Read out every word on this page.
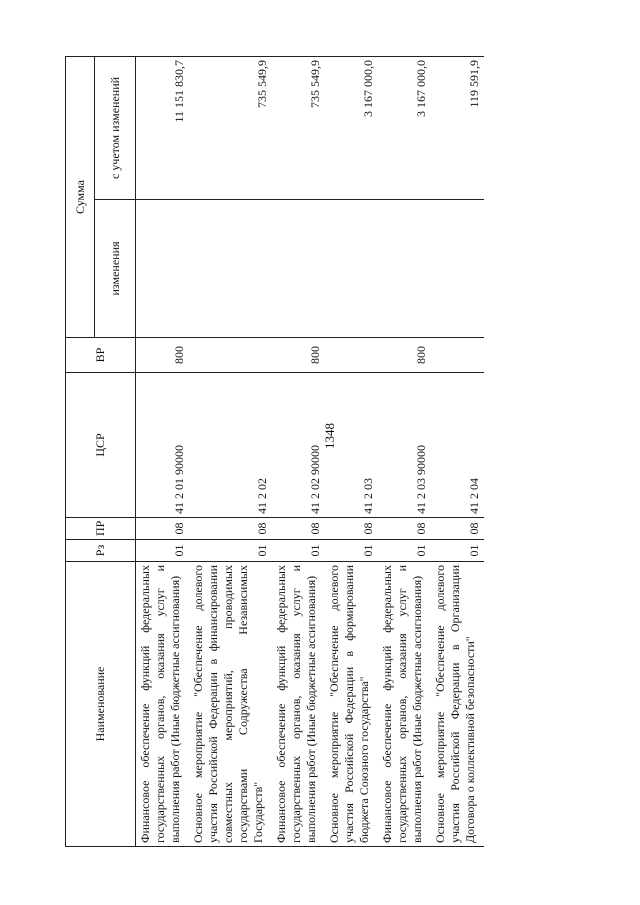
1348
Наименование	Рз	ПР	ЦСР	ВР	Сумма	
					изменения	с учетом изменений
Финансовое обеспечение функций федеральных государственных органов, оказания услуг и выполнения работ (Иные бюджетные ассигнования)	01	08	41 2 01 90000	800		11 151 830,7
Основное мероприятие "Обеспечение долевого участия Российской Федерации в финансировании совместных мероприятий, проводимых государствами Содружества Независимых Государств"	01	08	41 2 02			735 549,9
Финансовое обеспечение функций федеральных государственных органов, оказания услуг и выполнения работ (Иные бюджетные ассигнования)	01	08	41 2 02 90000	800		735 549,9
Основное мероприятие "Обеспечение долевого участия Российской Федерации в формировании бюджета Союзного государства"	01	08	41 2 03			3 167 000,0
Финансовое обеспечение функций федеральных государственных органов, оказания услуг и выполнения работ (Иные бюджетные ассигнования)	01	08	41 2 03 90000	800		3 167 000,0
Основное мероприятие "Обеспечение долевого участия Российской Федерации в Организации Договора о коллективной безопасности"	01	08	41 2 04			119 591,9
